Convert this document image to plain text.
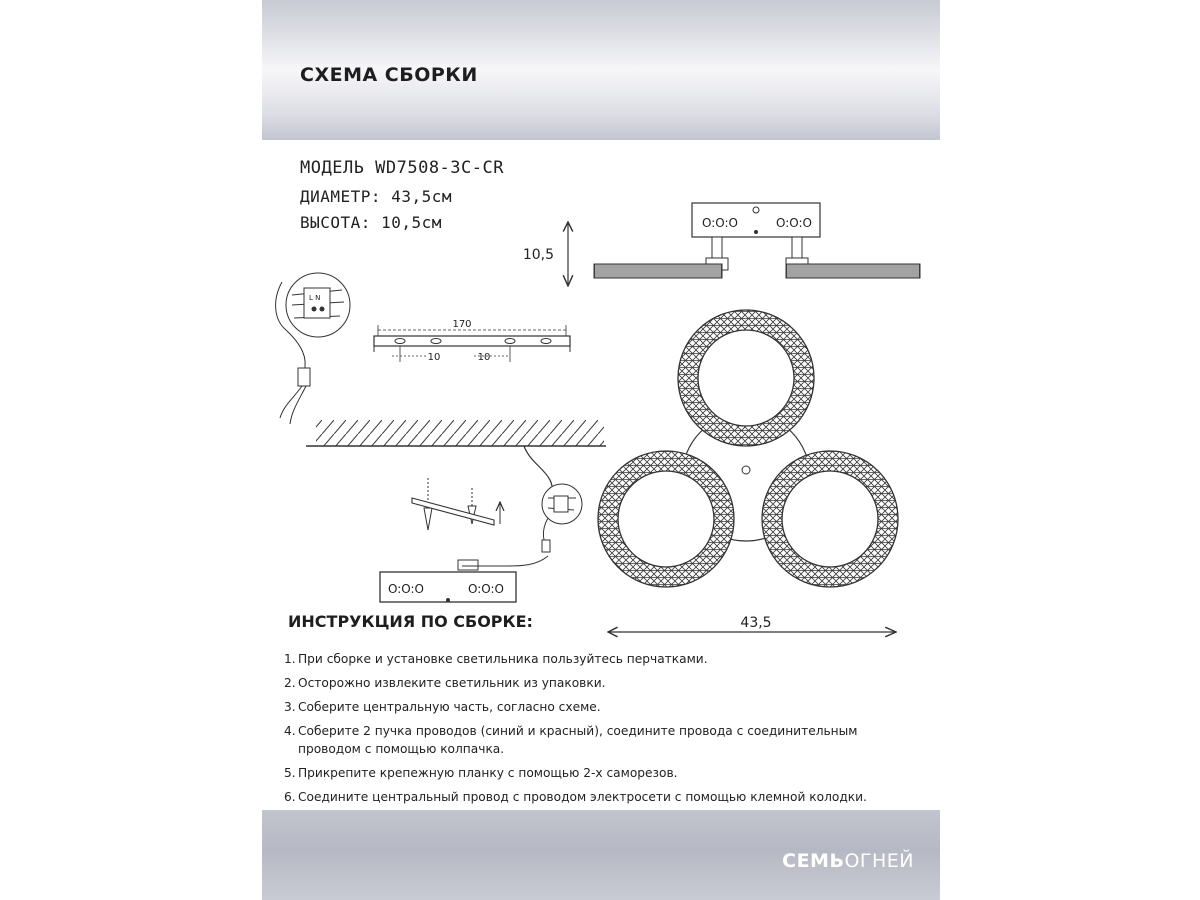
СХЕМА СБОРКИ
МОДЕЛЬ WD7508-3C-CR
ДИАМЕТР: 43,5см
ВЫСОТА: 10,5см
10,5
O:O:O	O:O:O
170
10	10
L N
O:O:O	O:O:O
43,5
ИНСТРУКЦИЯ ПО СБОРКЕ:
1. При сборке и установке светильника пользуйтесь перчатками.
2. Осторожно извлеките светильник из упаковки.
3. Соберите центральную часть, согласно схеме.
4. Соберите 2 пучка проводов (синий и красный), соедините провода с соединительным
проводом с помощью колпачка.
5. Прикрепите крепежную планку с помощью 2-х саморезов.
6. Соедините центральный провод с проводом электросети с помощью клемной колодки.
СЕМЬОГНЕЙ
